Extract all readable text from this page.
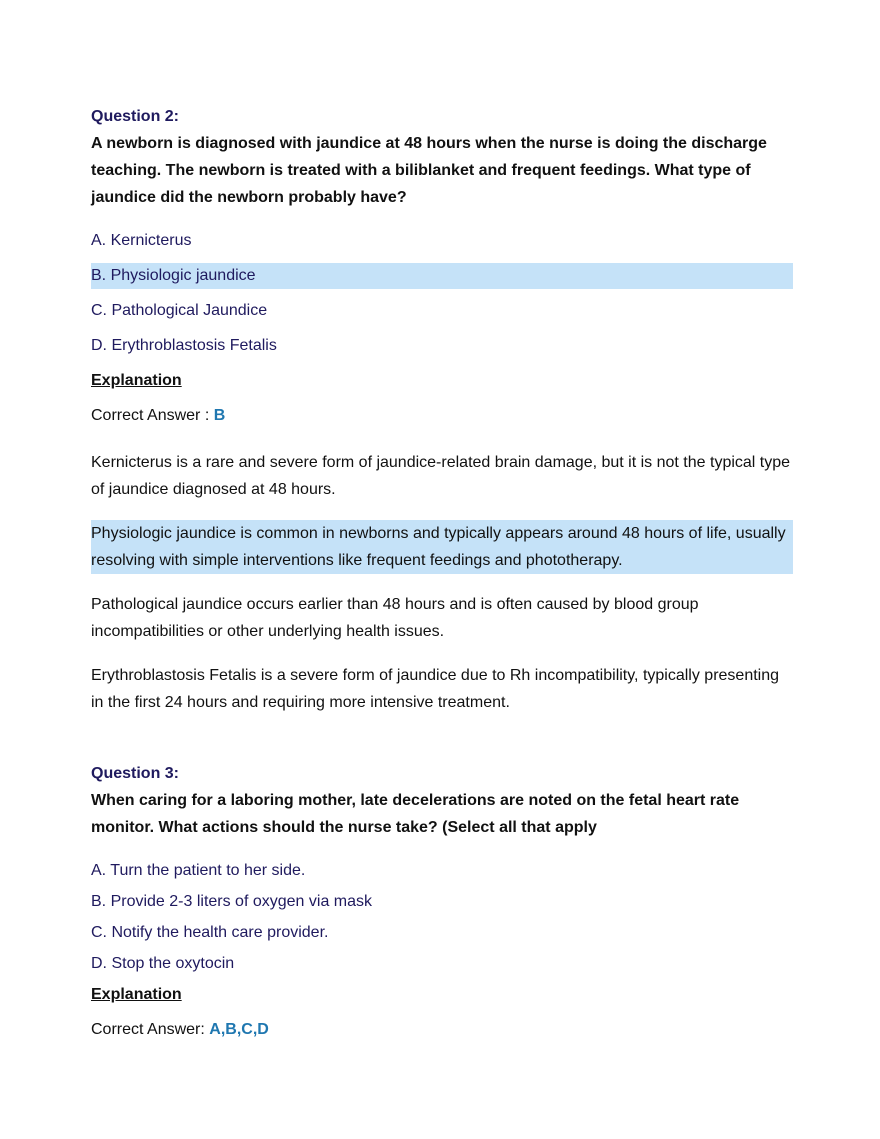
Question 2:

A newborn is diagnosed with jaundice at 48 hours when the nurse is doing the discharge teaching. The newborn is treated with a biliblanket and frequent feedings. What type of jaundice did the newborn probably have?

A. Kernicterus
B. Physiologic jaundice
C. Pathological Jaundice
D. Erythroblastosis Fetalis

Explanation

Correct Answer : B

Kernicterus is a rare and severe form of jaundice-related brain damage, but it is not the typical type of jaundice diagnosed at 48 hours.

Physiologic jaundice is common in newborns and typically appears around 48 hours of life, usually resolving with simple interventions like frequent feedings and phototherapy.

Pathological jaundice occurs earlier than 48 hours and is often caused by blood group incompatibilities or other underlying health issues.

Erythroblastosis Fetalis is a severe form of jaundice due to Rh incompatibility, typically presenting in the first 24 hours and requiring more intensive treatment.

Question 3:

When caring for a laboring mother, late decelerations are noted on the fetal heart rate monitor. What actions should the nurse take? (Select all that apply

A. Turn the patient to her side.
B. Provide 2-3 liters of oxygen via mask
C. Notify the health care provider.
D. Stop the oxytocin

Explanation

Correct Answer: A,B,C,D
